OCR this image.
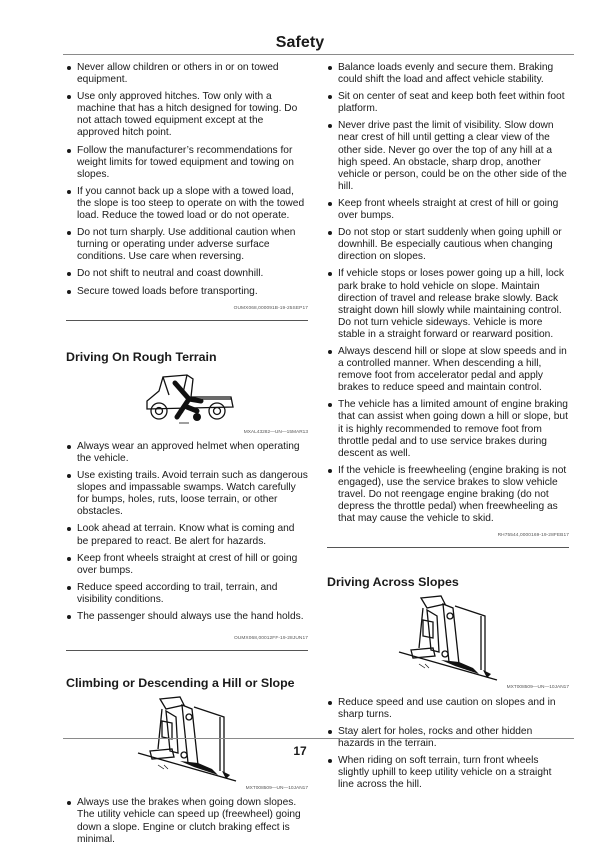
Safety
Never allow children or others in or on towed equipment.
Use only approved hitches. Tow only with a machine that has a hitch designed for towing. Do not attach towed equipment except at the approved hitch point.
Follow the manufacturer’s recommendations for weight limits for towed equipment and towing on slopes.
If you cannot back up a slope with a towed load, the slope is too steep to operate on with the towed load. Reduce the towed load or do not operate.
Do not turn sharply. Use additional caution when turning or operating under adverse surface conditions. Use care when reversing.
Do not shift to neutral and coast downhill.
Secure towed loads before transporting.
OUMX068,000091B-19-25SEP17
Driving On Rough Terrain
MXAL43282—UN—15MAR13
Always wear an approved helmet when operating the vehicle.
Use existing trails. Avoid terrain such as dangerous slopes and impassable swamps. Watch carefully for bumps, holes, ruts, loose terrain, or other obstacles.
Look ahead at terrain. Know what is coming and be prepared to react. Be alert for hazards.
Keep front wheels straight at crest of hill or going over bumps.
Reduce speed according to trail, terrain, and visibility conditions.
The passenger should always use the hand holds.
OUMX068,00012FF-19-28JUN17
Climbing or Descending a Hill or Slope
MXT008509—UN—10JAN17
Always use the brakes when going down slopes. The utility vehicle can speed up (freewheel) going down a slope. Engine or clutch braking effect is minimal.
Balance loads evenly and secure them. Braking could shift the load and affect vehicle stability.
Sit on center of seat and keep both feet within foot platform.
Never drive past the limit of visibility. Slow down near crest of hill until getting a clear view of the other side. Never go over the top of any hill at a high speed. An obstacle, sharp drop, another vehicle or person, could be on the other side of the hill.
Keep front wheels straight at crest of hill or going over bumps.
Do not stop or start suddenly when going uphill or downhill. Be especially cautious when changing direction on slopes.
If vehicle stops or loses power going up a hill, lock park brake to hold vehicle on slope. Maintain direction of travel and release brake slowly. Back straight down hill slowly while maintaining control. Do not turn vehicle sideways. Vehicle is more stable in a straight forward or rearward position.
Always descend hill or slope at slow speeds and in a controlled manner. When descending a hill, remove foot from accelerator pedal and apply brakes to reduce speed and maintain control.
The vehicle has a limited amount of engine braking that can assist when going down a hill or slope, but it is highly recommended to remove foot from throttle pedal and to use service brakes during descent as well.
If the vehicle is freewheeling (engine braking is not engaged), use the service brakes to slow vehicle travel. Do not reengage engine braking (do not depress the throttle pedal) when freewheeling as that may cause the vehicle to skid.
RH75544,0000169-19-28FEB17
Driving Across Slopes
MXT008509—UN—10JAN17
Reduce speed and use caution on slopes and in sharp turns.
Stay alert for holes, rocks and other hidden hazards in the terrain.
When riding on soft terrain, turn front wheels slightly uphill to keep utility vehicle on a straight line across the hill.
17
